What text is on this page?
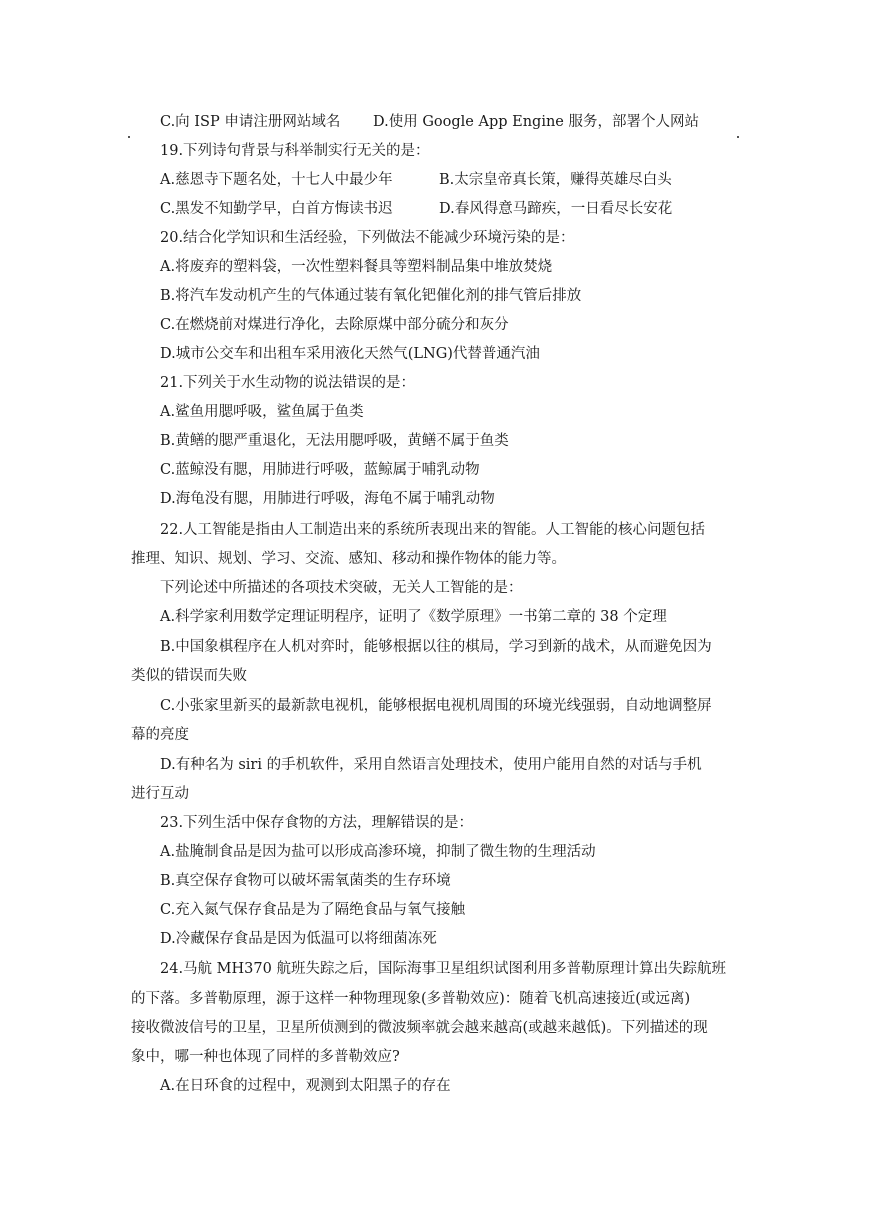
C.向 ISP 申请注册网站域名 D.使用 Google App Engine 服务，部署个人网站
19.下列诗句背景与科举制实行无关的是：
A.慈恩寺下题名处，十七人中最少年	B.太宗皇帝真长策，赚得英雄尽白头
C.黑发不知勤学早，白首方悔读书迟	D.春风得意马蹄疾，一日看尽长安花
20.结合化学知识和生活经验，下列做法不能减少环境污染的是：
A.将废弃的塑料袋，一次性塑料餐具等塑料制品集中堆放焚烧
B.将汽车发动机产生的气体通过装有氧化钯催化剂的排气管后排放
C.在燃烧前对煤进行净化，去除原煤中部分硫分和灰分
D.城市公交车和出租车采用液化天然气(LNG)代替普通汽油
21.下列关于水生动物的说法错误的是：
A.鲨鱼用腮呼吸，鲨鱼属于鱼类
B.黄鳝的腮严重退化，无法用腮呼吸，黄鳝不属于鱼类
C.蓝鲸没有腮，用肺进行呼吸，蓝鲸属于哺乳动物
D.海龟没有腮，用肺进行呼吸，海龟不属于哺乳动物
22.人工智能是指由人工制造出来的系统所表现出来的智能。人工智能的核心问题包括
推理、知识、规划、学习、交流、感知、移动和操作物体的能力等。
下列论述中所描述的各项技术突破，无关人工智能的是：
A.科学家利用数学定理证明程序，证明了《数学原理》一书第二章的 38 个定理
B.中国象棋程序在人机对弈时，能够根据以往的棋局，学习到新的战术，从而避免因为
类似的错误而失败
C.小张家里新买的最新款电视机，能够根据电视机周围的环境光线强弱，自动地调整屏
幕的亮度
D.有种名为 siri 的手机软件，采用自然语言处理技术，使用户能用自然的对话与手机
进行互动
23.下列生活中保存食物的方法，理解错误的是：
A.盐腌制食品是因为盐可以形成高渗环境，抑制了微生物的生理活动
B.真空保存食物可以破坏需氧菌类的生存环境
C.充入氮气保存食品是为了隔绝食品与氧气接触
D.冷藏保存食品是因为低温可以将细菌冻死
24.马航 MH370 航班失踪之后，国际海事卫星组织试图利用多普勒原理计算出失踪航班
的下落。多普勒原理，源于这样一种物理现象(多普勒效应)：随着飞机高速接近(或远离)
接收微波信号的卫星，卫星所侦测到的微波频率就会越来越高(或越来越低)。下列描述的现
象中，哪一种也体现了同样的多普勒效应?
A.在日环食的过程中，观测到太阳黑子的存在
